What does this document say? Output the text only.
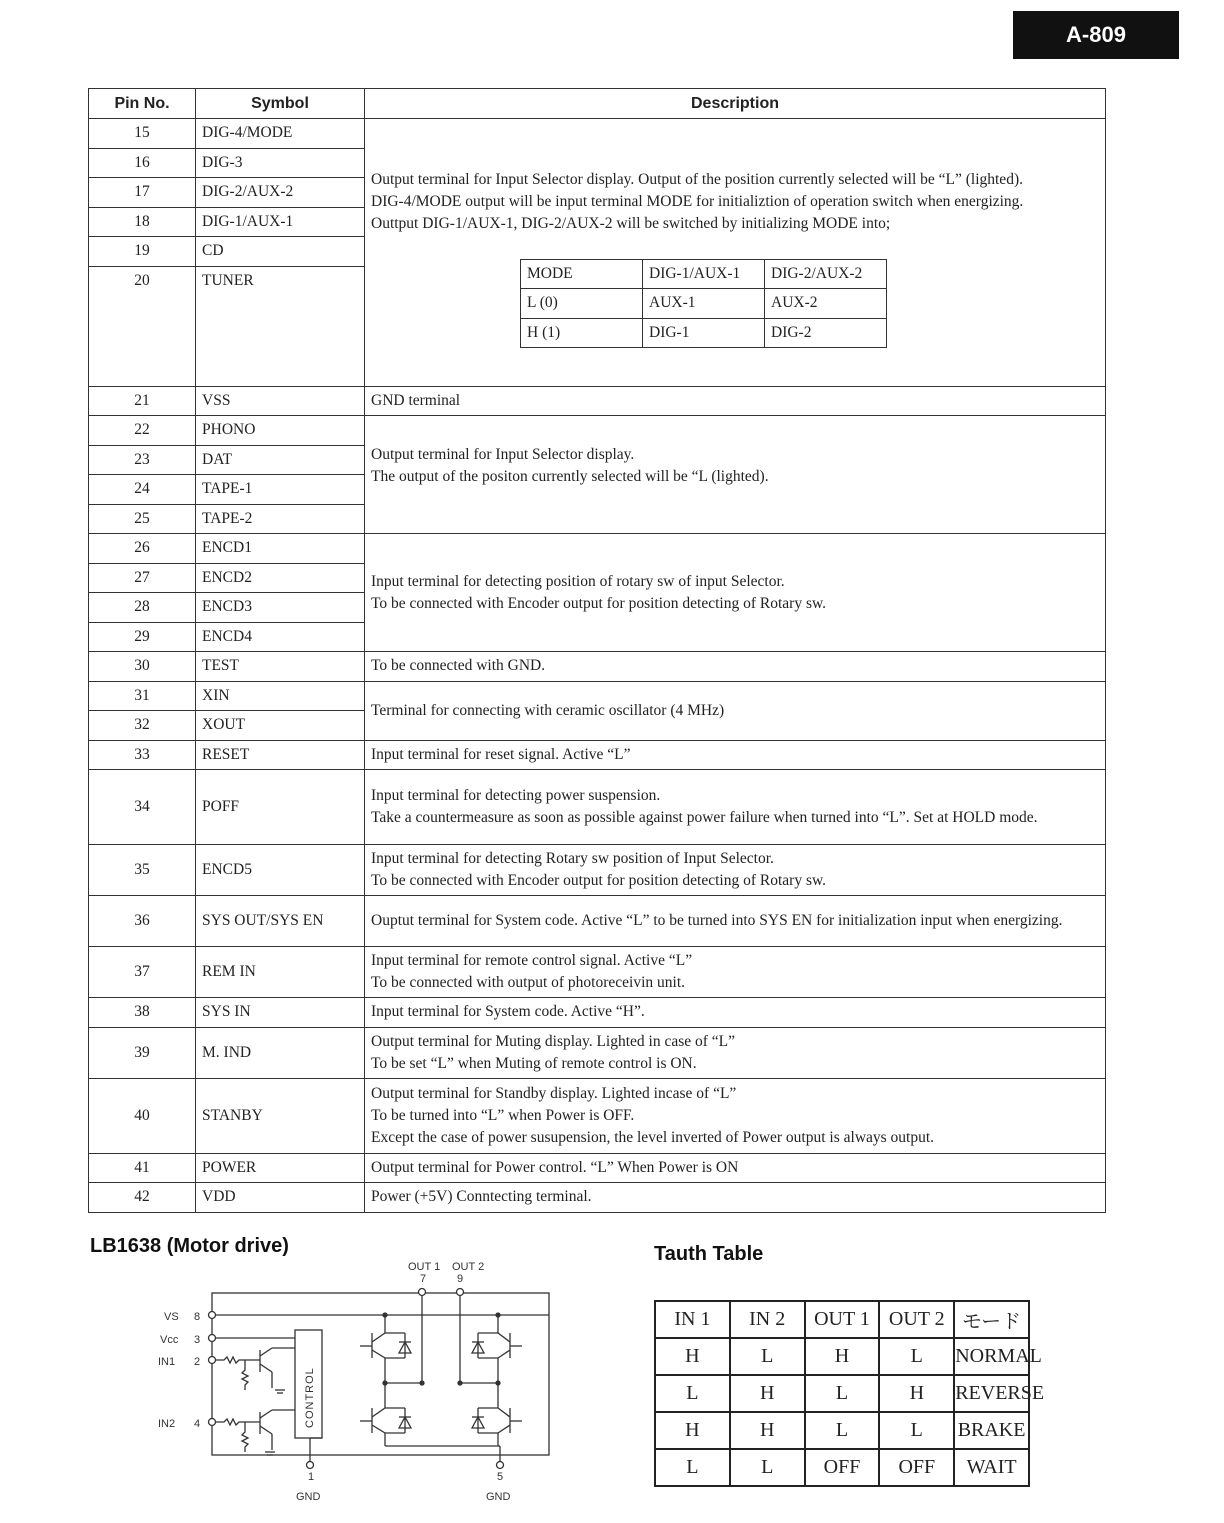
A-809
Pin No.	Symbol	Description
15	DIG-4/MODE	
Output terminal for Input Selector display. Output of the position currently selected will be “L” (lighted).
DIG-4/MODE output will be input terminal MODE for initializtion of operation switch when energizing.
Outtput DIG-1/AUX-1, DIG-2/AUX-2 will be switched by initializing MODE into;
MODE	DIG-1/AUX-1	DIG-2/AUX-2
L (0)	AUX-1	AUX-2
H (1)	DIG-1	DIG-2

16	DIG-3
17	DIG-2/AUX-2
18	DIG-1/AUX-1
19	CD
20	TUNER
21	VSS	GND terminal
22	PHONO	
Output terminal for Input Selector display.
The output of the positon currently selected will be “L (lighted).

23	DAT
24	TAPE-1
25	TAPE-2
26	ENCD1	
Input terminal for detecting position of rotary sw of input Selector.
To be connected with Encoder output for position detecting of Rotary sw.

27	ENCD2
28	ENCD3
29	ENCD4
30	TEST	To be connected with GND.
31	XIN	Terminal for connecting with ceramic oscillator (4 MHz)
32	XOUT
33	RESET	Input terminal for reset signal. Active “L”
34	POFF	
Input terminal for detecting power suspension.
Take a countermeasure as soon as possible against power failure when turned into “L”. Set at HOLD mode.

35	ENCD5	
Input terminal for detecting Rotary sw position of Input Selector.
To be connected with Encoder output for position detecting of Rotary sw.

36	SYS OUT/SYS EN	Ouptut terminal for System code. Active “L” to be turned into SYS EN for initialization input when energizing.

37	REM IN	
Input terminal for remote control signal. Active “L”
To be connected with output of photoreceivin unit.

38	SYS IN	Input terminal for System code. Active “H”.
39	M. IND	
Output terminal for Muting display. Lighted in case of “L”
To be set “L” when Muting of remote control is ON.

40	STANBY	
Output terminal for Standby display. Lighted incase of “L”
To be turned into “L” when Power is OFF.
Except the case of power susupension, the level inverted of Power output is always output.

41	POWER	Output terminal for Power control. “L” When Power is ON
42	VDD	Power (+5V) Conntecting terminal.
LB1638 (Motor drive)
OUT 1 OUT 2
7	9
VS 8
Vcc 3
IN1 2
IN2 4
1	5
GND	GND
CONTROL
Tauth Table
IN 1	IN 2	OUT 1	OUT 2	モード
H	L	H	L	NORMAL
L	H	L	H	REVERSE
H	H	L	L	BRAKE
L	L	OFF	OFF	WAIT
